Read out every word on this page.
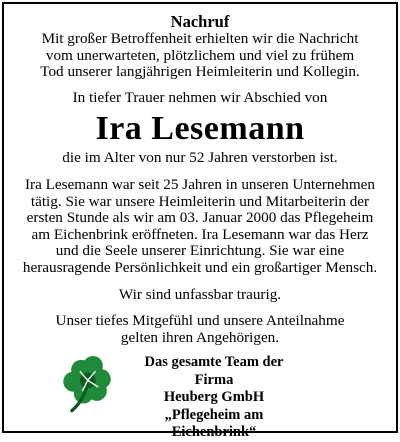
Nachruf

Mit großer Betroffenheit erhielten wir die Nachricht

vom unerwarteten, plötzlichem und viel zu frühem

Tod unserer langjährigen Heimleiterin und Kollegin.

In tiefer Trauer nehmen wir Abschied von

Ira Lesemann

die im Alter von nur 52 Jahren verstorben ist.

Ira Lesemann war seit 25 Jahren in unseren Unternehmen

tätig. Sie war unsere Heimleiterin und Mitarbeiterin der

ersten Stunde als wir am 03. Januar 2000 das Pflegeheim

am Eichenbrink eröffneten. Ira Lesemann war das Herz

und die Seele unserer Einrichtung. Sie war eine

herausragende Persönlichkeit und ein großartiger Mensch.

Wir sind unfassbar traurig.

Unser tiefes Mitgefühl und unsere Anteilnahme

gelten ihren Angehörigen.

Das gesamte Team der Firma
Heuberg GmbH
„Pflegeheim am Eichenbrink“
